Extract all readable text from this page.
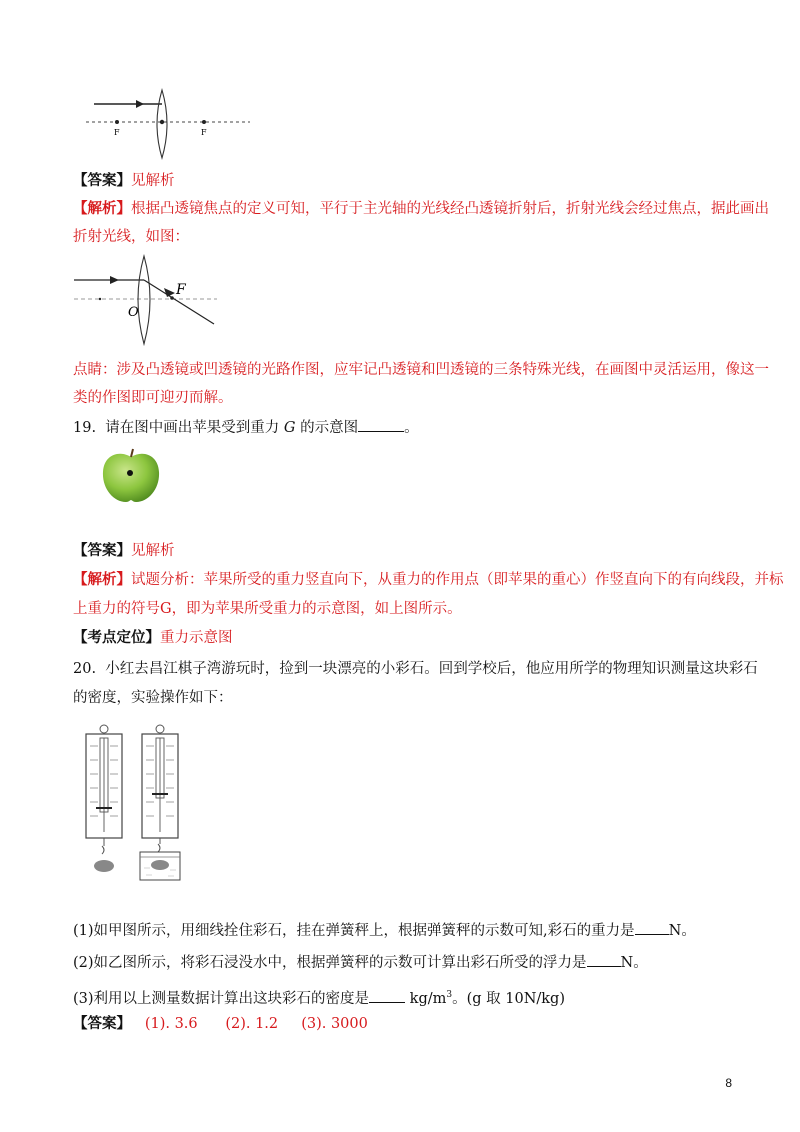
F	F
【答案】见解析
【解析】根据凸透镜焦点的定义可知，平行于主光轴的光线经凸透镜折射后，折射光线会经过焦点，据此画出
折射光线，如图：
F
O
点睛：涉及凸透镜或凹透镜的光路作图，应牢记凸透镜和凹透镜的三条特殊光线，在画图中灵活运用，像这一
类的作图即可迎刃而解。
19. 请在图中画出苹果受到重力 G 的示意图	。
【答案】见解析
【解析】试题分析：苹果所受的重力竖直向下，从重力的作用点（即苹果的重心）作竖直向下的有向线段，并标
上重力的符号G，即为苹果所受重力的示意图，如上图所示。
【考点定位】重力示意图
20. 小红去昌江棋子湾游玩时，捡到一块漂亮的小彩石。回到学校后，他应用所学的物理知识测量这块彩石
的密度，实验操作如下：
(1)如甲图所示，用细线拴住彩石，挂在弹簧秤上，根据弹簧秤的示数可知,彩石的重力是 N。
(2)如乙图所示，将彩石浸没水中，根据弹簧秤的示数可计算出彩石所受的浮力是 N。
(3)利用以上测量数据计算出这块彩石的密度是	$kg/m^3$。(g 取 10N/kg)
【答案】 (1). 3.6 (2). 1.2 (3). 3000
8
